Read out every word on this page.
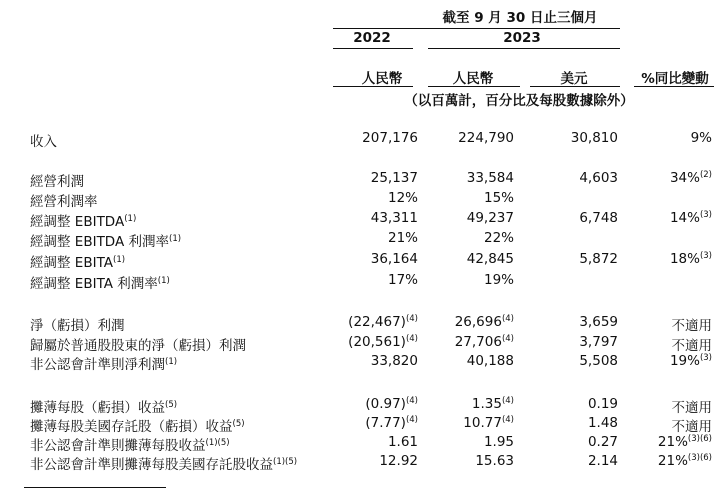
截至 9 月 30 日止三個月
2022	2023
人民幣	人民幣	美元	%同比變動
（以百萬計，百分比及每股數據除外）
收入	207,176	224,790	30,810	9%
經營利潤	25,137	33,584	4,603	34%$^{(2)}$
經營利潤率	12%	15%
經調整 EBITDA$^{(1)}$	43,311	49,237	6,748	14%$^{(3)}$
經調整 EBITDA 利潤率$^{(1)}$	21%	22%
經調整 EBITA$^{(1)}$	36,164	42,845	5,872	18%$^{(3)}$
經調整 EBITA 利潤率$^{(1)}$	17%	19%
淨（虧損）利潤	$(22,467)^{(4)}$	26,696$^{(4)}$	3,659	不適用
歸屬於普通股股東的淨（虧損）利潤	$(20,561)^{(4)}$	27,706$^{(4)}$	3,797	不適用
非公認會計準則淨利潤$^{(1)}$	33,820	40,188	5,508	19%$^{(3)}$
攤薄每股（虧損）收益$^{(5)}$	$(0.97)^{(4)}$	1.35$^{(4)}$	0.19	不適用
攤薄每股美國存託股（虧損）收益$^{(5)}$	$(7.77)^{(4)}$	10.77$^{(4)}$	1.48	不適用
非公認會計準則攤薄每股收益$^{(1)(5)}$	1.61	1.95	0.27	21%$^{(3)(6)}$
非公認會計準則攤薄每股美國存託股收益$^{(1)(5)}$	12.92	15.63	2.14	21%$^{(3)(6)}$
